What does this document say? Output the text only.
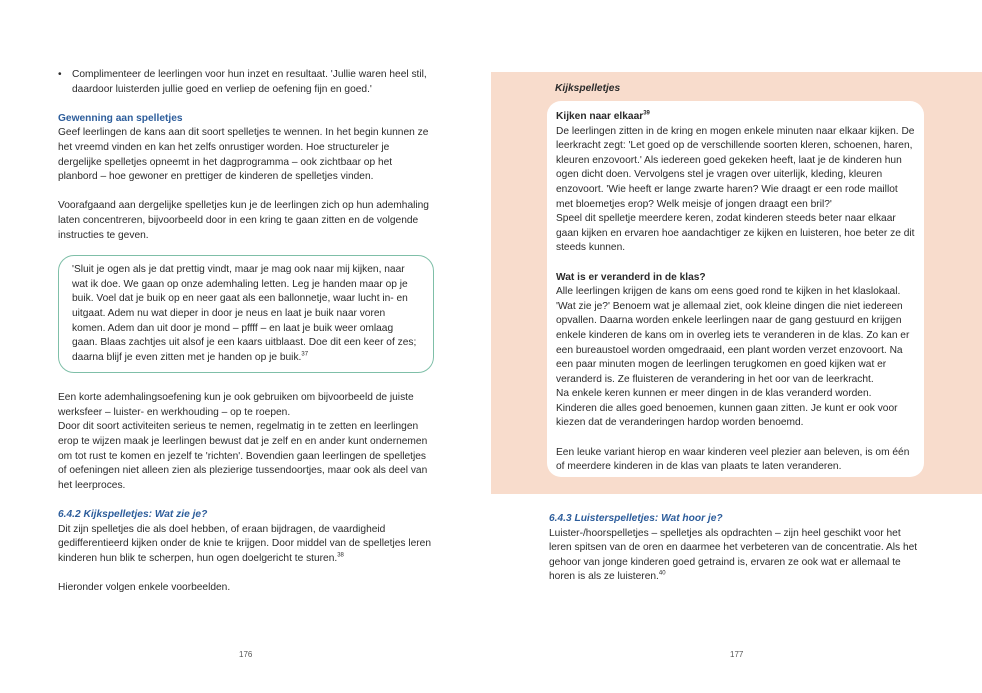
•	Complimenteer de leerlingen voor hun inzet en resultaat. 'Jullie waren heel stil, daardoor luisterden jullie goed en verliep de oefening fijn en goed.'

Gewenning aan spelletjes

Geef leerlingen de kans aan dit soort spelletjes te wennen. In het begin kunnen ze het vreemd vinden en kan het zelfs onrustiger worden. Hoe structureler je dergelijke spelletjes opneemt in het dagprogramma – ook zichtbaar op het planbord – hoe gewoner en prettiger de kinderen de spelletjes vinden.

Voorafgaand aan dergelijke spelletjes kun je de leerlingen zich op hun ademhaling laten concentreren, bijvoorbeeld door in een kring te gaan zitten en de volgende instructies te geven.

'Sluit je ogen als je dat prettig vindt, maar je mag ook naar mij kijken, naar wat ik doe. We gaan op onze ademhaling letten. Leg je handen maar op je buik. Voel dat je buik op en neer gaat als een ballonnetje, waar lucht in- en uitgaat. Adem nu wat dieper in door je neus en laat je buik naar voren komen. Adem dan uit door je mond – pffff – en laat je buik weer omlaag gaan. Blaas zachtjes uit alsof je een kaars uitblaast. Doe dit een keer of zes; daarna blijf je even zitten met je handen op je buik.$^{37}$

Een korte ademhalingsoefening kun je ook gebruiken om bijvoorbeeld de juiste werksfeer – luister- en werkhouding – op te roepen.

Door dit soort activiteiten serieus te nemen, regelmatig in te zetten en leerlingen erop te wijzen maak je leerlingen bewust dat je zelf en en ander kunt ondernemen om tot rust te komen en jezelf te 'richten'. Bovendien gaan leerlingen de spelletjes of oefeningen niet alleen zien als plezierige tussendoortjes, maar ook als deel van het leerproces.

6.4.2 Kijkspelletjes: Wat zie je?

Dit zijn spelletjes die als doel hebben, of eraan bijdragen, de vaardigheid gedifferentieerd kijken onder de knie te krijgen. Door middel van de spelletjes leren kinderen hun blik te scherpen, hun ogen doelgericht te sturen.$^{38}$

Hieronder volgen enkele voorbeelden.

176
Kijkspelletjes

Kijken naar elkaar$^{39}$

De leerlingen zitten in de kring en mogen enkele minuten naar elkaar kijken. De leerkracht zegt: 'Let goed op de verschillende soorten kleren, schoenen, haren, kleuren enzovoort.' Als iedereen goed gekeken heeft, laat je de kinderen hun ogen dicht doen. Vervolgens stel je vragen over uiterlijk, kleding, kleuren enzovoort. 'Wie heeft er lange zwarte haren? Wie draagt er een rode maillot met bloemetjes erop? Welk meisje of jongen draagt een bril?'

Speel dit spelletje meerdere keren, zodat kinderen steeds beter naar elkaar gaan kijken en ervaren hoe aandachtiger ze kijken en luisteren, hoe beter ze dit steeds kunnen.

Wat is er veranderd in de klas?

Alle leerlingen krijgen de kans om eens goed rond te kijken in het klaslokaal. 'Wat zie je?' Benoem wat je allemaal ziet, ook kleine dingen die niet iedereen opvallen. Daarna worden enkele leerlingen naar de gang gestuurd en krijgen enkele kinderen de kans om in overleg iets te veranderen in de klas. Zo kan er een bureaustoel worden omgedraaid, een plant worden verzet enzovoort. Na een paar minuten mogen de leerlingen terugkomen en goed kijken wat er veranderd is. Ze fluisteren de verandering in het oor van de leerkracht.

Na enkele keren kunnen er meer dingen in de klas veranderd worden. Kinderen die alles goed benoemen, kunnen gaan zitten. Je kunt er ook voor kiezen dat de veranderingen hardop worden benoemd.

Een leuke variant hierop en waar kinderen veel plezier aan beleven, is om één of meerdere kinderen in de klas van plaats te laten veranderen.

6.4.3 Luisterspelletjes: Wat hoor je?

Luister-/hoorspelletjes – spelletjes als opdrachten – zijn heel geschikt voor het leren spitsen van de oren en daarmee het verbeteren van de concentratie. Als het gehoor van jonge kinderen goed getraind is, ervaren ze ook wat er allemaal te horen is als ze luisteren.$^{40}$

177
